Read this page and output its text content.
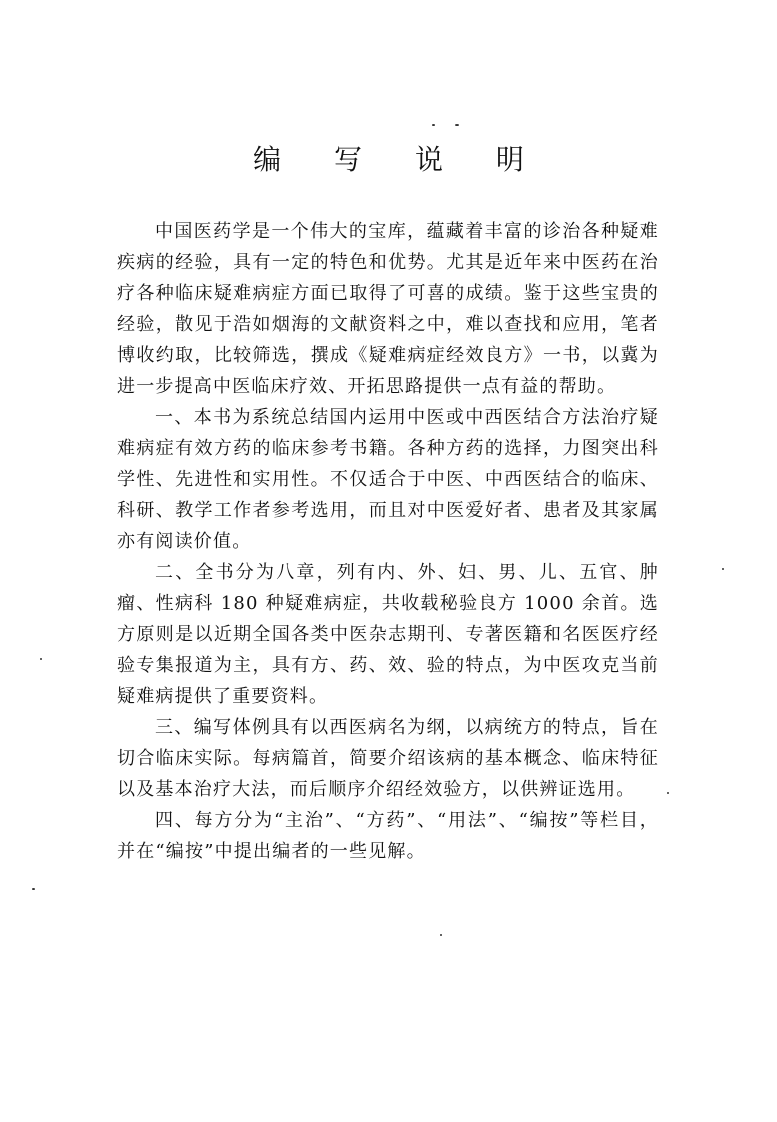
编 写 说 明

中国医药学是一个伟大的宝库，蕴藏着丰富的诊治各种疑难疾病的经验，具有一定的特色和优势。尤其是近年来中医药在治疗各种临床疑难病症方面已取得了可喜的成绩。鉴于这些宝贵的经验，散见于浩如烟海的文献资料之中，难以查找和应用，笔者博收约取，比较筛选，撰成《疑难病症经效良方》一书，以冀为进一步提高中医临床疗效、开拓思路提供一点有益的帮助。

一、本书为系统总结国内运用中医或中西医结合方法治疗疑难病症有效方药的临床参考书籍。各种方药的选择，力图突出科学性、先进性和实用性。不仅适合于中医、中西医结合的临床、科研、教学工作者参考选用，而且对中医爱好者、患者及其家属亦有阅读价值。

二、全书分为八章，列有内、外、妇、男、儿、五官、肿瘤、性病科 180 种疑难病症，共收载秘验良方 1000 余首。选方原则是以近期全国各类中医杂志期刊、专著医籍和名医医疗经验专集报道为主，具有方、药、效、验的特点，为中医攻克当前疑难病提供了重要资料。

三、编写体例具有以西医病名为纲，以病统方的特点，旨在切合临床实际。每病篇首，简要介绍该病的基本概念、临床特征以及基本治疗大法，而后顺序介绍经效验方，以供辨证选用。

四、每方分为“主治”、“方药”、“用法”、“编按”等栏目，并在“编按”中提出编者的一些见解。
